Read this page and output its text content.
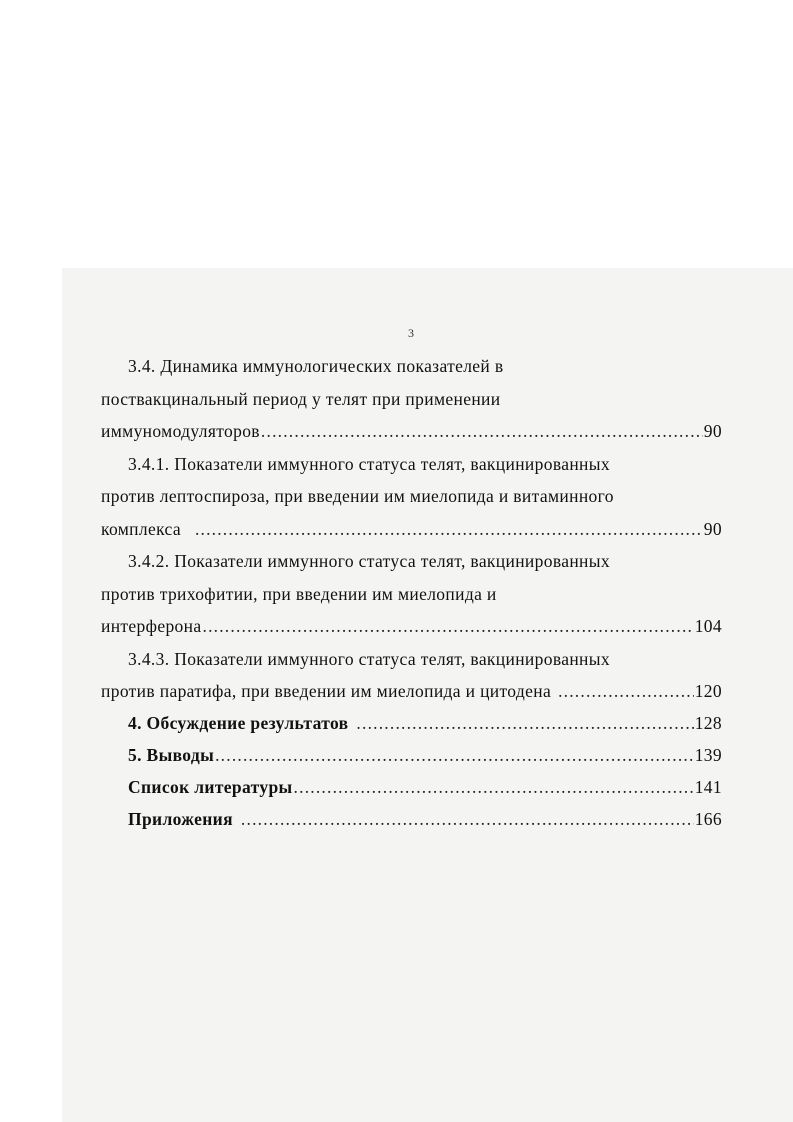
3
3.4. Динамика иммунологических показателей в
поствакцинальный период у телят при применении
иммуномодуляторов .....	90
3.4.1. Показатели иммунного статуса телят, вакцинированных
против лептоспироза, при введении им миелопида и витаминного
комплекса .....	90
3.4.2. Показатели иммунного статуса телят, вакцинированных
против трихофитии, при введении им миелопида и
интерферона .....	104
3.4.3. Показатели иммунного статуса телят, вакцинированных
против паратифа, при введении им миелопида и цитодена .....	120
4. Обсуждение результатов .....	128
5. Выводы .....	139
Список литературы .....	141
Приложения .....	166
